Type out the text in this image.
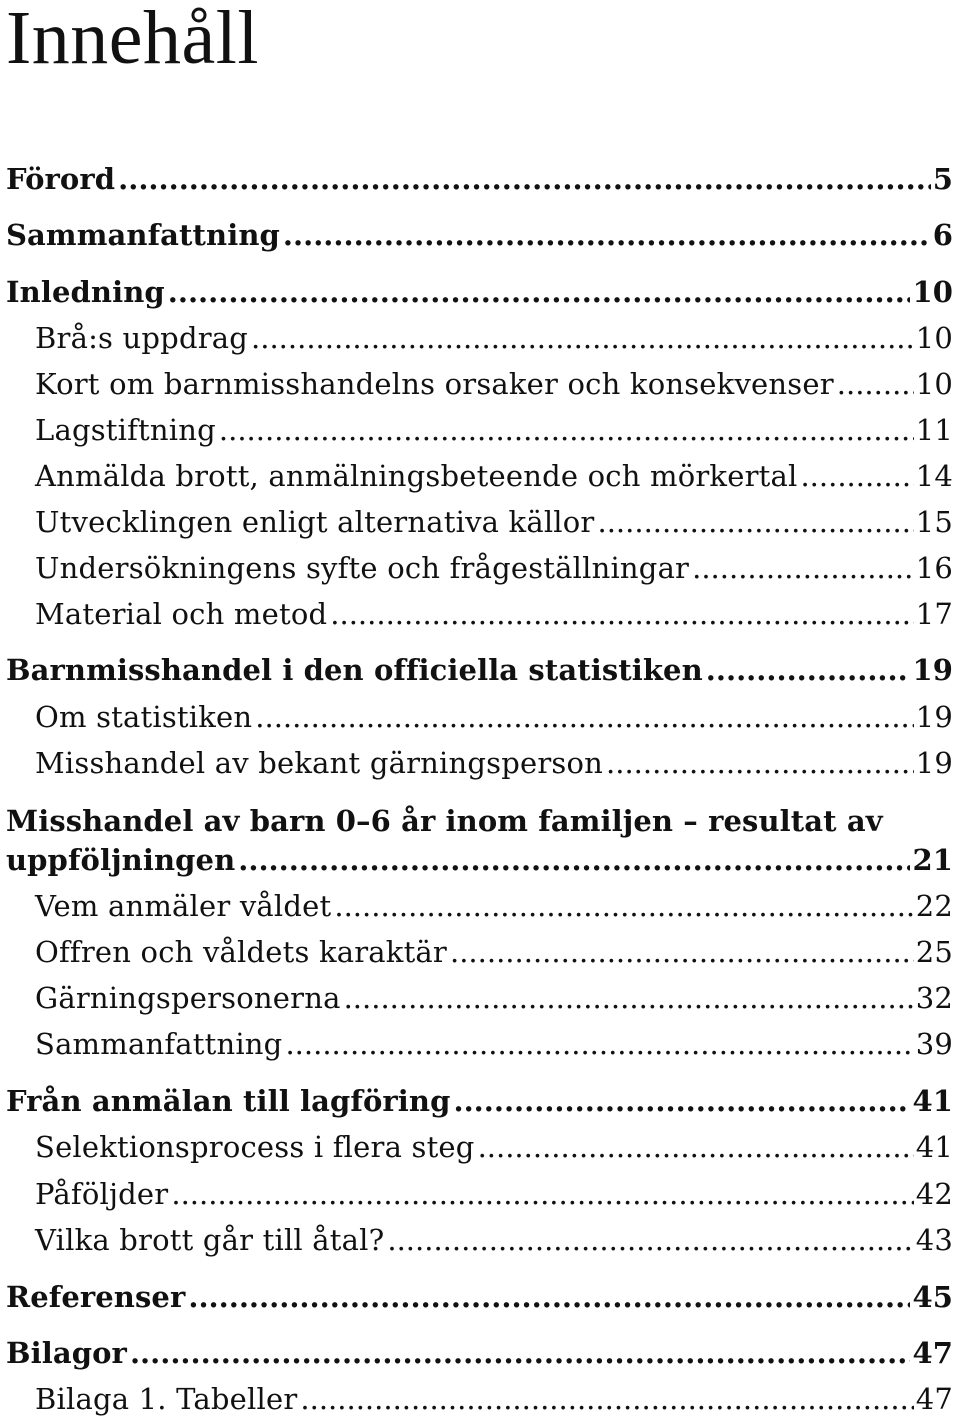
Innehåll
Förord .....	5
Sammanfattning .....	6
Inledning .....	10
Brå:s uppdrag .....	10
Kort om barnmisshandelns orsaker och konsekvenser .....	10
Lagstiftning .....	11
Anmälda brott, anmälningsbeteende och mörkertal .....	14
Utvecklingen enligt alternativa källor .....	15
Undersökningens syfte och frågeställningar .....	16
Material och metod .....	17
Barnmisshandel i den officiella statistiken .....	19
Om statistiken .....	19
Misshandel av bekant gärningsperson .....	19
Misshandel av barn 0–6 år inom familjen – resultat av
uppföljningen .....	21
Vem anmäler våldet .....	22
Offren och våldets karaktär .....	25
Gärningspersonerna .....	32
Sammanfattning .....	39
Från anmälan till lagföring .....	41
Selektionsprocess i flera steg .....	41
Påföljder .....	42
Vilka brott går till åtal? .....	43
Referenser .....	45
Bilagor .....	47
Bilaga 1. Tabeller .....	47
